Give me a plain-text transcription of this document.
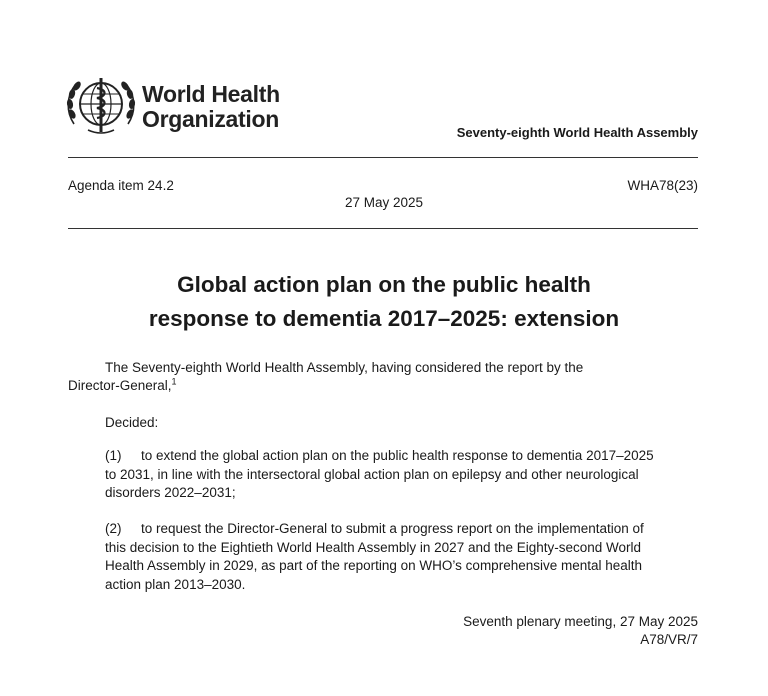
World Health
Organization
Seventy-eighth World Health Assembly
Agenda item 24.2	WHA78(23)
27 May 2025
Global action plan on the public health
response to dementia 2017–2025: extension
The Seventy-eighth World Health Assembly, having considered the report by the
Director-General,$^1$
Decided:
(1) to extend the global action plan on the public health response to dementia 2017–2025
to 2031, in line with the intersectoral global action plan on epilepsy and other neurological
disorders 2022–2031;
(2) to request the Director-General to submit a progress report on the implementation of
this decision to the Eightieth World Health Assembly in 2027 and the Eighty-second World
Health Assembly in 2029, as part of the reporting on WHO’s comprehensive mental health
action plan 2013–2030.
Seventh plenary meeting, 27 May 2025
A78/VR/7
